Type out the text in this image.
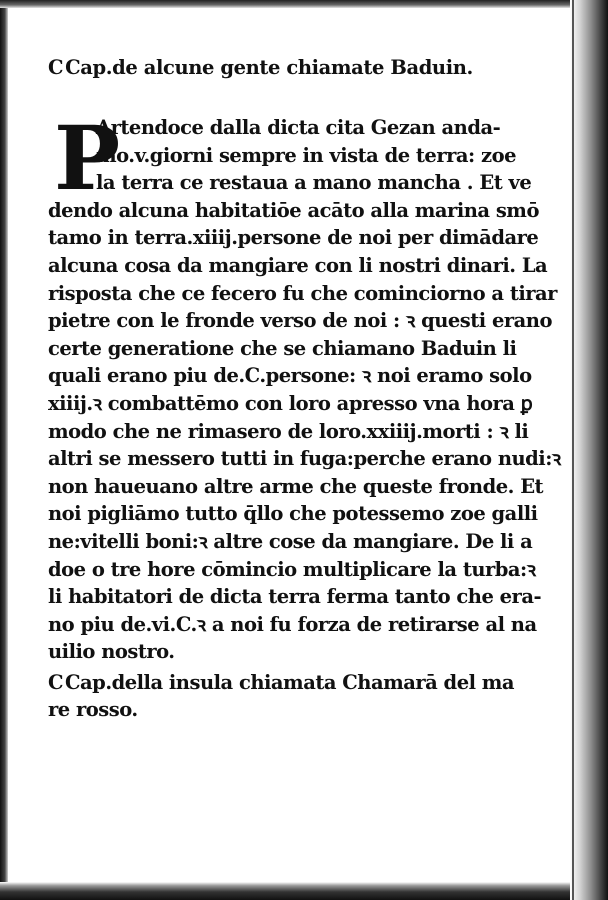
C Cap.de alcune gente chiamate Baduin.
P
Artendoce dalla dicta cita Gezan anda-
mo.v.giorni sempre in vista de terra: zoe
la terra ce restaua a mano mancha . Et ve
dendo alcuna habitatiōe acāto alla marina smō
tamo in terra.xiiij.persone de noi per dimādare
alcuna cosa da mangiare con li nostri dinari. La
risposta che ce fecero fu che cominciorno a tirar
pietre con le fronde verso de noi : ꝛ questi erano
certe generatione che se chiamano Baduin li
quali erano piu de.C.persone: ꝛ noi eramo solo
xiiij.ꝛ combattēmo con loro apresso vna hora ꝑ
modo che ne rimasero de loro.xxiiij.morti : ꝛ li
altri se messero tutti in fuga:perche erano nudi:ꝛ
non haueuano altre arme che queste fronde. Et
noi pigliāmo tutto q̄llo che potessemo zoe galli
ne:vitelli boni:ꝛ altre cose da mangiare. De li a
doe o tre hore cōmincio multiplicare la turba:ꝛ
li habitatori de dicta terra ferma tanto che era-
no piu de.vi.C.ꝛ a noi fu forza de retirarse al na
uilio nostro.
C Cap.della insula chiamata Chamarā del ma
re rosso.
